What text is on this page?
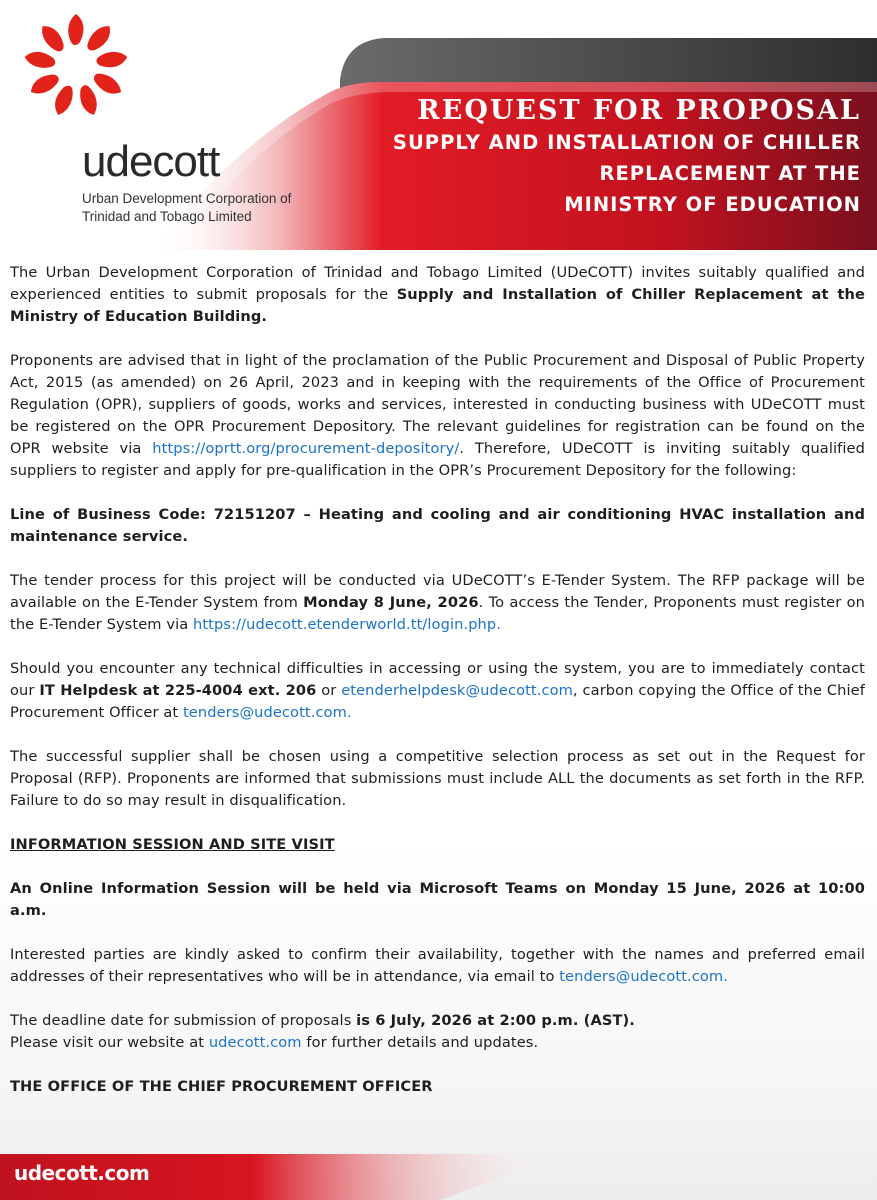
udecott
Urban Development Corporation of
Trinidad and Tobago Limited
REQUEST FOR PROPOSAL
SUPPLY AND INSTALLATION OF CHILLER
REPLACEMENT AT THE
MINISTRY OF EDUCATION

The Urban Development Corporation of Trinidad and Tobago Limited (UDeCOTT) invites suitably qualified and experienced entities to submit proposals for the Supply and Installation of Chiller Replacement at the Ministry of Education Building.

Proponents are advised that in light of the proclamation of the Public Procurement and Disposal of Public Property Act, 2015 (as amended) on 26 April, 2023 and in keeping with the requirements of the Office of Procurement Regulation (OPR), suppliers of goods, works and services, interested in conducting business with UDeCOTT must be registered on the OPR Procurement Depository. The relevant guidelines for registration can be found on the OPR website via https://oprtt.org/procurement-depository/. Therefore, UDeCOTT is inviting suitably qualified suppliers to register and apply for pre-qualification in the OPR’s Procurement Depository for the following:

Line of Business Code: 72151207 – Heating and cooling and air conditioning HVAC installation and maintenance service.

The tender process for this project will be conducted via UDeCOTT’s E-Tender System. The RFP package will be available on the E-Tender System from Monday 8 June, 2026. To access the Tender, Proponents must register on the E-Tender System via https://udecott.etenderworld.tt/login.php.

Should you encounter any technical difficulties in accessing or using the system, you are to immediately contact our IT Helpdesk at 225-4004 ext. 206 or etenderhelpdesk@udecott.com, carbon copying the Office of the Chief Procurement Officer at tenders@udecott.com.

The successful supplier shall be chosen using a competitive selection process as set out in the Request for Proposal (RFP). Proponents are informed that submissions must include ALL the documents as set forth in the RFP. Failure to do so may result in disqualification.

INFORMATION SESSION AND SITE VISIT

An Online Information Session will be held via Microsoft Teams on Monday 15 June, 2026 at 10:00 a.m.

Interested parties are kindly asked to confirm their availability, together with the names and preferred email addresses of their representatives who will be in attendance, via email to tenders@udecott.com.

The deadline date for submission of proposals is 6 July, 2026 at 2:00 p.m. (AST).
Please visit our website at udecott.com for further details and updates.

THE OFFICE OF THE CHIEF PROCUREMENT OFFICER

udecott.com
